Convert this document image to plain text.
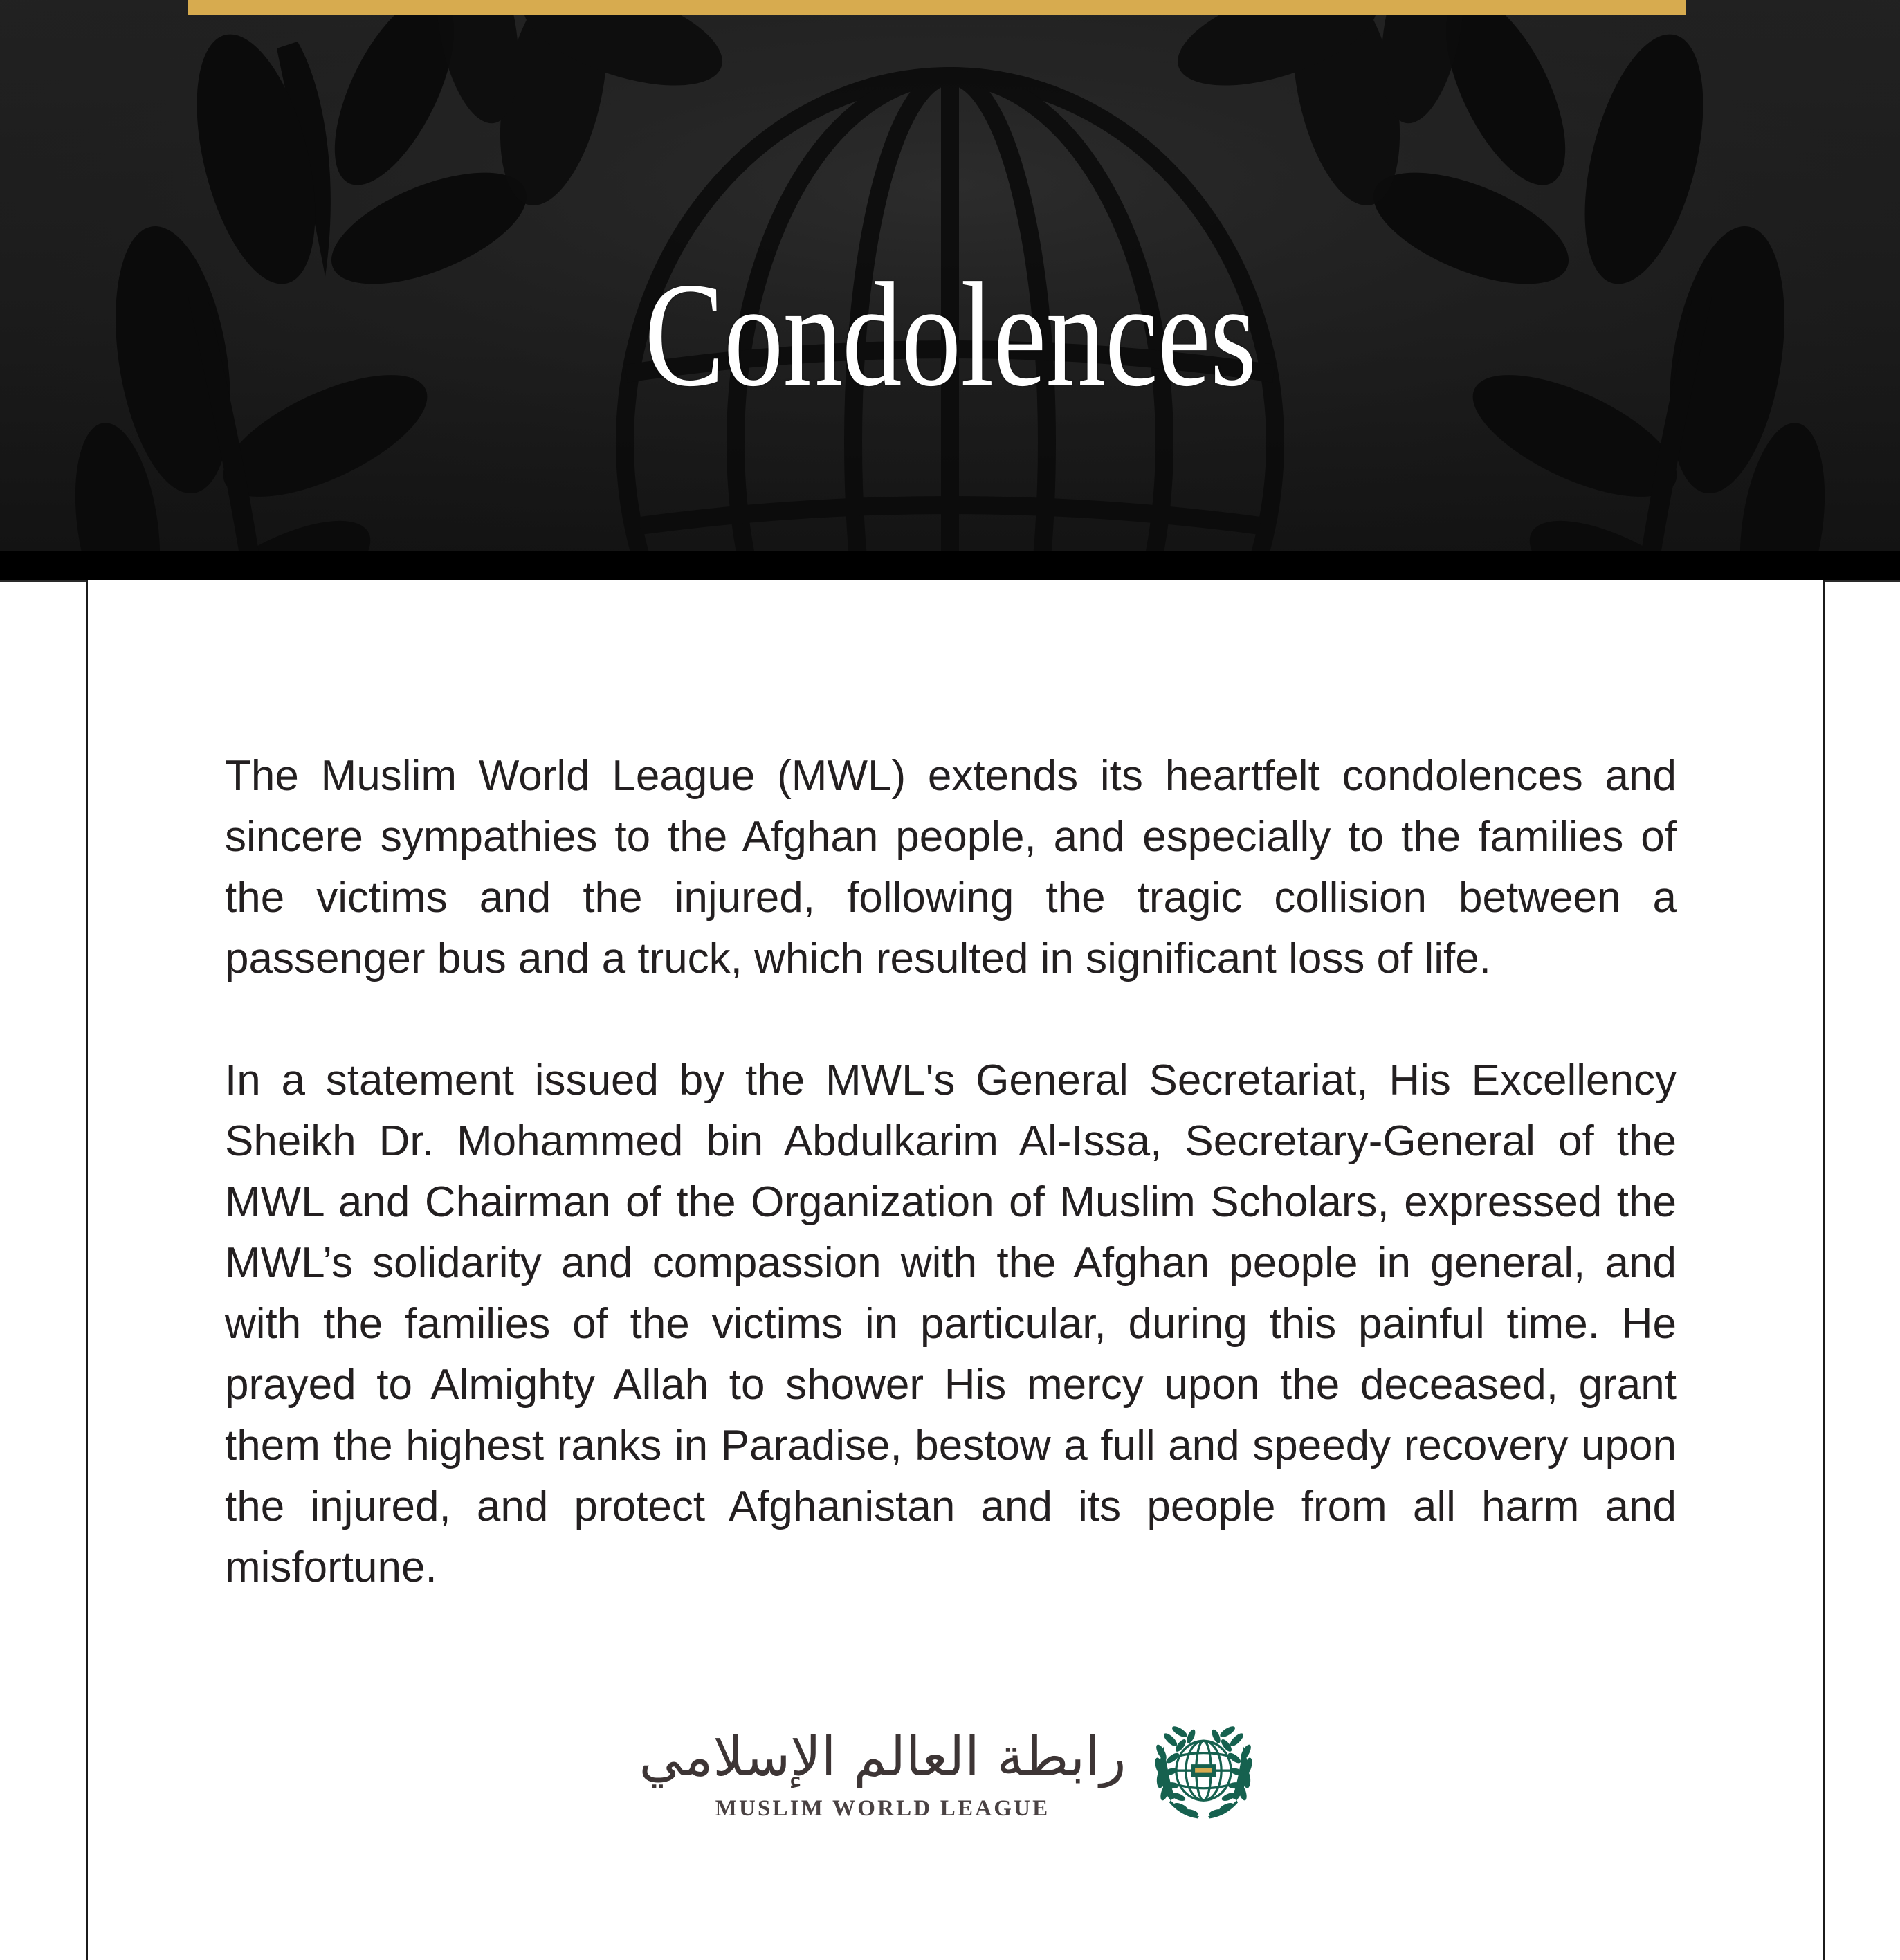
Condolences

The Muslim World League (MWL) extends its heartfelt condolences and sincere sympathies to the Afghan people, and especially to the families of the victims and the injured, following the tragic collision between a passenger bus and a truck, which resulted in significant loss of life.

In a statement issued by the MWL's General Secretariat, His Excellency Sheikh Dr. Mohammed bin Abdulkarim Al-Issa, Secretary-General of the MWL and Chairman of the Organization of Muslim Scholars, expressed the MWL’s solidarity and compassion with the Afghan people in general, and with the families of the victims in particular, during this painful time. He prayed to Almighty Allah to shower His mercy upon the deceased, grant them the highest ranks in Paradise, bestow a full and speedy recovery upon the injured, and protect Afghanistan and its people from all harm and misfortune.

رابطة العالم الإسلامي
MUSLIM WORLD LEAGUE
